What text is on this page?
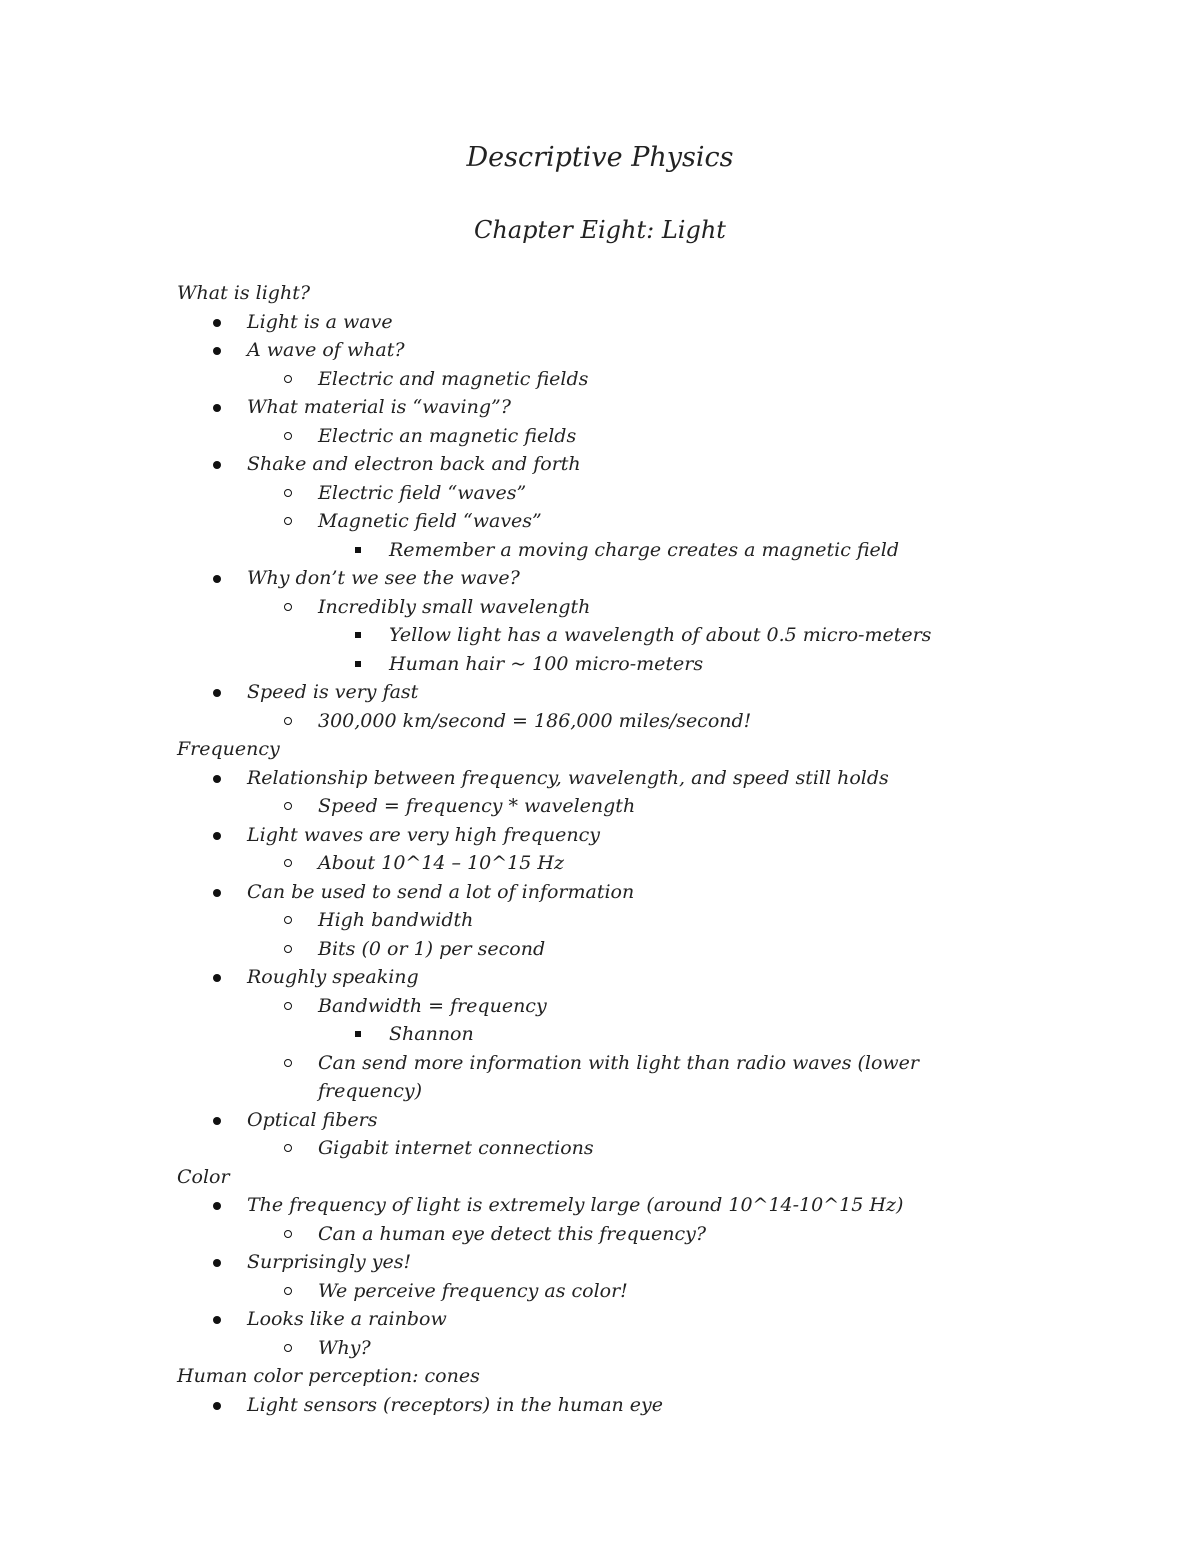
Descriptive Physics
Chapter Eight: Light
What is light?
Light is a wave
A wave of what?
Electric and magnetic fields
What material is “waving”?
Electric an magnetic fields
Shake and electron back and forth
Electric field “waves”
Magnetic field “waves”
Remember a moving charge creates a magnetic field
Why don’t we see the wave?
Incredibly small wavelength
Yellow light has a wavelength of about 0.5 micro-meters
Human hair ~ 100 micro-meters
Speed is very fast
300,000 km/second = 186,000 miles/second!
Frequency
Relationship between frequency, wavelength, and speed still holds
Speed = frequency * wavelength
Light waves are very high frequency
About 10^14 – 10^15 Hz
Can be used to send a lot of information
High bandwidth
Bits (0 or 1) per second
Roughly speaking
Bandwidth = frequency
Shannon
Can send more information with light than radio waves (lower
frequency)
Optical fibers
Gigabit internet connections
Color
The frequency of light is extremely large (around 10^14-10^15 Hz)
Can a human eye detect this frequency?
Surprisingly yes!
We perceive frequency as color!
Looks like a rainbow
Why?
Human color perception: cones
Light sensors (receptors) in the human eye
